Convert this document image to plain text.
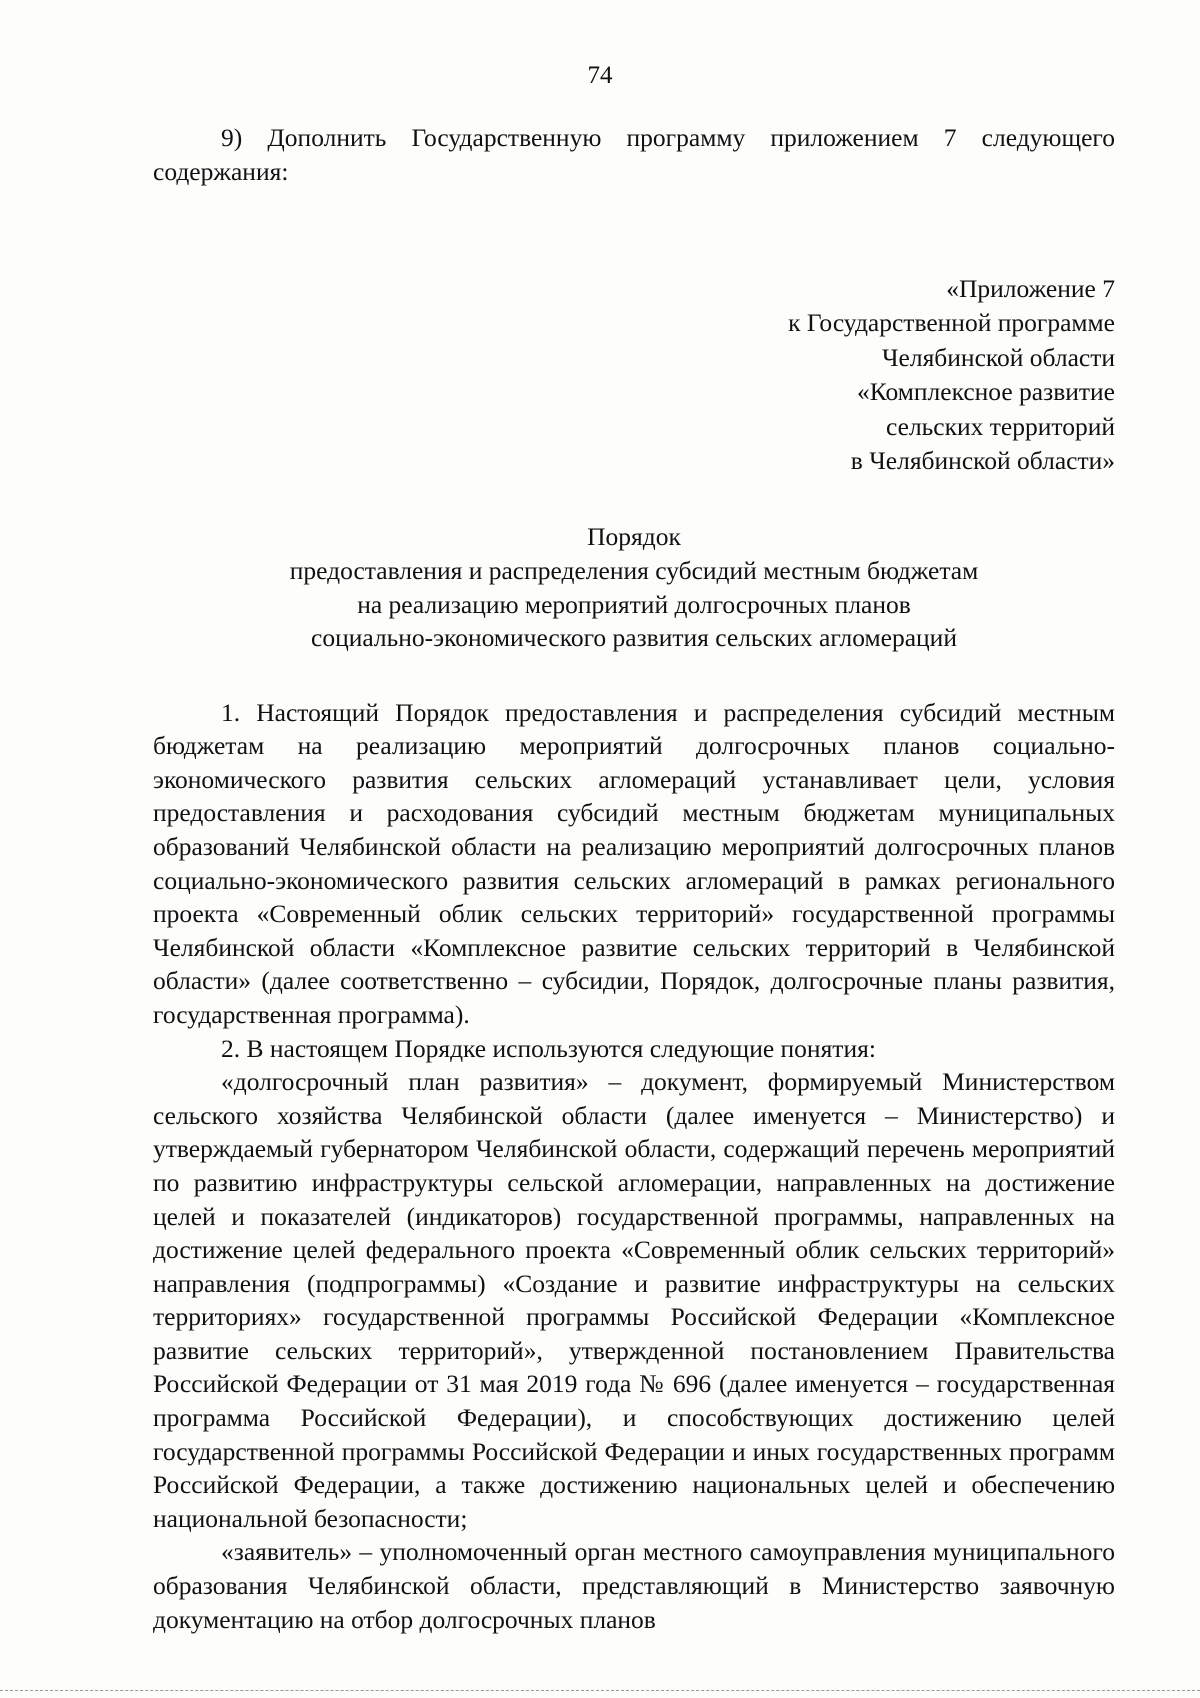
74

9) Дополнить Государственную программу приложением 7 следующего содержания:

«Приложение 7
к Государственной программе
Челябинской области
«Комплексное развитие
сельских территорий
в Челябинской области»
Порядок
предоставления и распределения субсидий местным бюджетам
на реализацию мероприятий долгосрочных планов
социально-экономического развития сельских агломераций

1. Настоящий Порядок предоставления и распределения субсидий местным бюджетам на реализацию мероприятий долгосрочных планов социально-экономического развития сельских агломераций устанавливает цели, условия предоставления и расходования субсидий местным бюджетам муниципальных образований Челябинской области на реализацию мероприятий долгосрочных планов социально-экономического развития сельских агломераций в рамках регионального проекта «Современный облик сельских территорий» государственной программы Челябинской области «Комплексное развитие сельских территорий в Челябинской области» (далее соответственно – субсидии, Порядок, долгосрочные планы развития, государственная программа).

2. В настоящем Порядке используются следующие понятия:

«долгосрочный план развития» – документ, формируемый Министерством сельского хозяйства Челябинской области (далее именуется – Министерство) и утверждаемый губернатором Челябинской области, содержащий перечень мероприятий по развитию инфраструктуры сельской агломерации, направленных на достижение целей и показателей (индикаторов) государственной программы, направленных на достижение целей федерального проекта «Современный облик сельских территорий» направления (подпрограммы) «Создание и развитие инфраструктуры на сельских территориях» государственной программы Российской Федерации «Комплексное развитие сельских территорий», утвержденной постановлением Правительства Российской Федерации от 31 мая 2019 года № 696 (далее именуется – государственная программа Российской Федерации), и способствующих достижению целей государственной программы Российской Федерации и иных государственных программ Российской Федерации, а также достижению национальных целей и обеспечению национальной безопасности;

«заявитель» – уполномоченный орган местного самоуправления муниципального образования Челябинской области, представляющий в Министерство заявочную документацию на отбор долгосрочных планов
